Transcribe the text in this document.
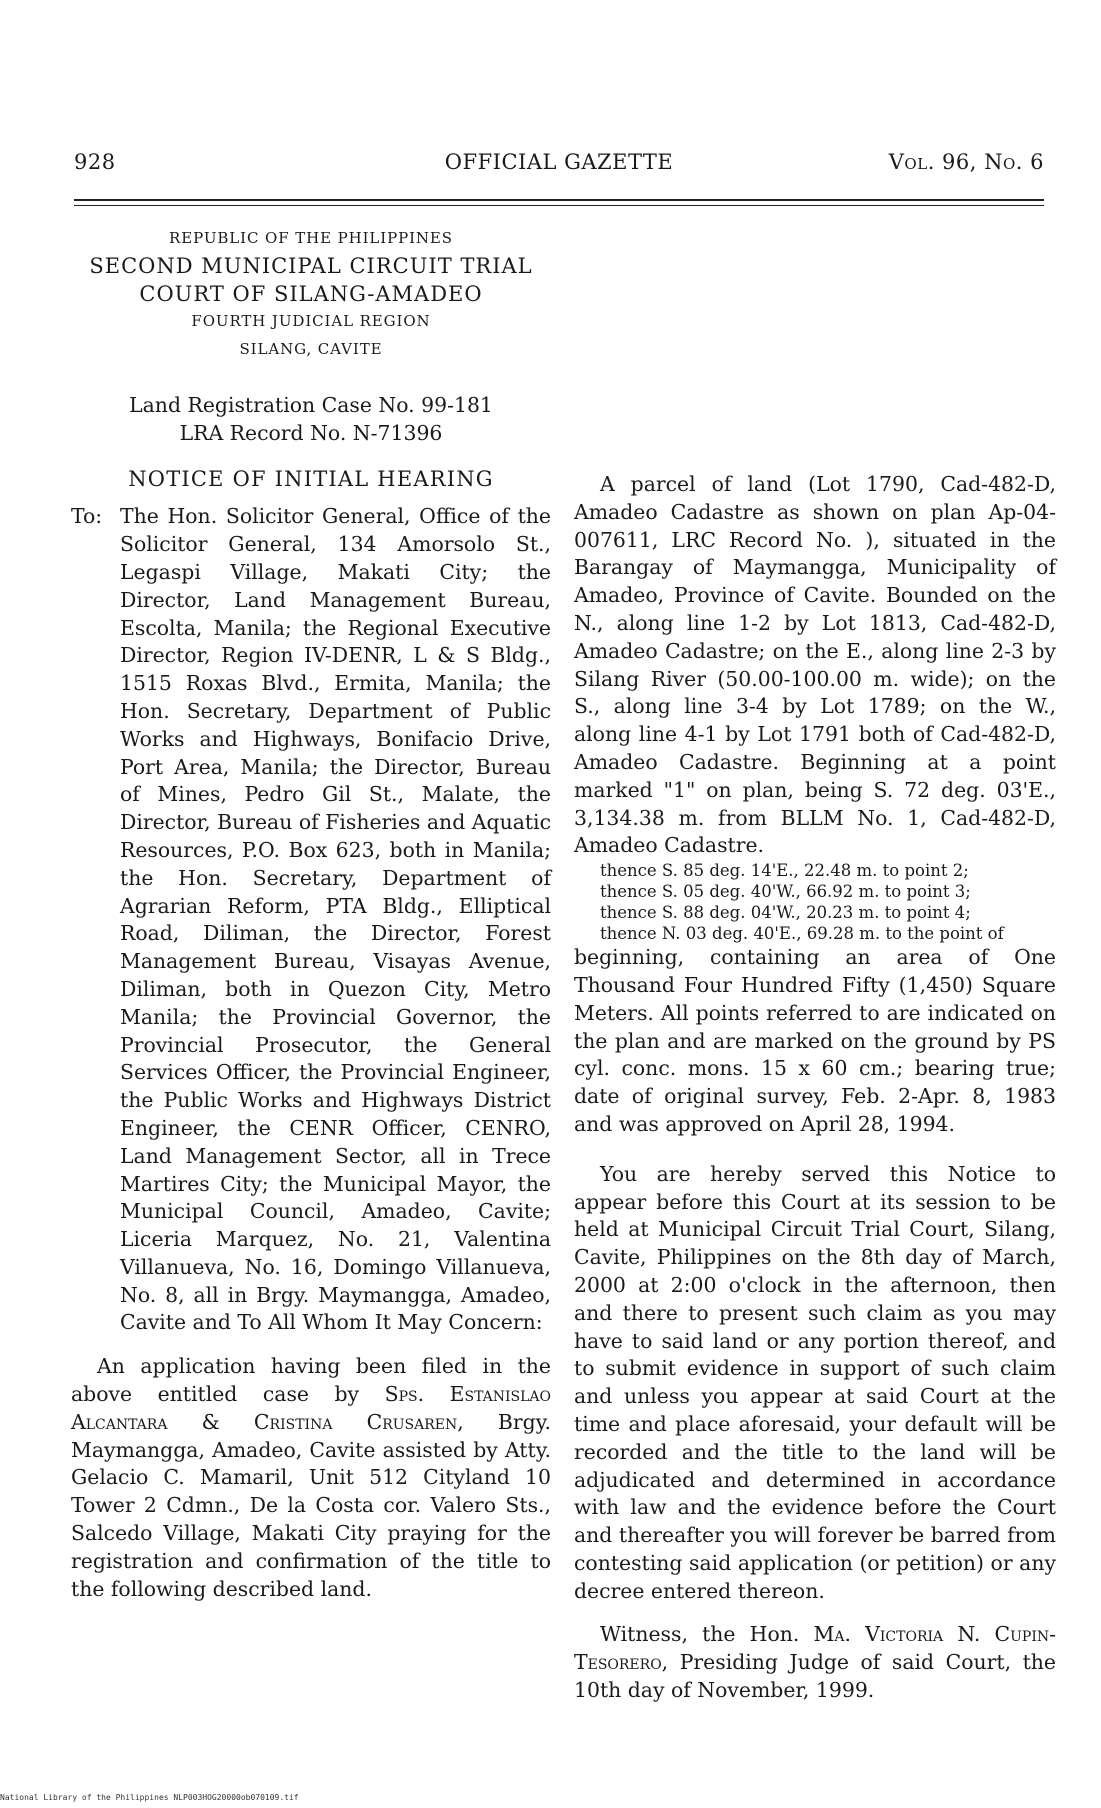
928	OFFICIAL GAZETTE	Vol. 96, No. 6

REPUBLIC OF THE PHILIPPINES

SECOND MUNICIPAL CIRCUIT TRIAL

COURT OF SILANG-AMADEO

FOURTH JUDICIAL REGION

SILANG, CAVITE

Land Registration Case No. 99-181

LRA Record No. N-71396

NOTICE OF INITIAL HEARING

To: The Hon. Solicitor General, Office of the Solicitor General, 134 Amorsolo St., Legaspi Village, Makati City; the Director, Land Management Bureau, Escolta, Manila; the Regional Executive Director, Region IV-DENR, L & S Bldg., 1515 Roxas Blvd., Ermita, Manila; the Hon. Secretary, Department of Public Works and Highways, Bonifacio Drive, Port Area, Manila; the Director, Bureau of Mines, Pedro Gil St., Malate, the Director, Bureau of Fisheries and Aquatic Resources, P.O. Box 623, both in Manila; the Hon. Secretary, Department of Agrarian Reform, PTA Bldg., Elliptical Road, Diliman, the Director, Forest Management Bureau, Visayas Avenue, Diliman, both in Quezon City, Metro Manila; the Provincial Governor, the Provincial Prosecutor, the General Services Officer, the Provincial Engineer, the Public Works and Highways District Engineer, the CENR Officer, CENRO, Land Management Sector, all in Trece Martires City; the Municipal Mayor, the Municipal Council, Amadeo, Cavite; Liceria Marquez, No. 21, Valentina Villanueva, No. 16, Domingo Villanueva, No. 8, all in Brgy. Maymangga, Amadeo, Cavite and To All Whom It May Concern:

An application having been filed in the above entitled case by Sps. Estanislao Alcantara & Cristina Crusaren, Brgy. Maymangga, Amadeo, Cavite assisted by Atty. Gelacio C. Mamaril, Unit 512 Cityland 10 Tower 2 Cdmn., De la Costa cor. Valero Sts., Salcedo Village, Makati City praying for the registration and confirmation of the title to the following described land.

A parcel of land (Lot 1790, Cad-482-D, Amadeo Cadastre as shown on plan Ap-04-007611, LRC Record No. ), situated in the Barangay of Maymangga, Municipality of Amadeo, Province of Cavite. Bounded on the N., along line 1-2 by Lot 1813, Cad-482-D, Amadeo Cadastre; on the E., along line 2-3 by Silang River (50.00-100.00 m. wide); on the S., along line 3-4 by Lot 1789; on the W., along line 4-1 by Lot 1791 both of Cad-482-D, Amadeo Cadastre. Beginning at a point marked "1" on plan, being S. 72 deg. 03'E., 3,134.38 m. from BLLM No. 1, Cad-482-D, Amadeo Cadastre.

thence S. 85 deg. 14'E., 22.48 m. to point 2;

thence S. 05 deg. 40'W., 66.92 m. to point 3;

thence S. 88 deg. 04'W., 20.23 m. to point 4;

thence N. 03 deg. 40'E., 69.28 m. to the point of

beginning, containing an area of One Thousand Four Hundred Fifty (1,450) Square Meters. All points referred to are indicated on the plan and are marked on the ground by PS cyl. conc. mons. 15 x 60 cm.; bearing true; date of original survey, Feb. 2-Apr. 8, 1983 and was approved on April 28, 1994.

You are hereby served this Notice to appear before this Court at its session to be held at Municipal Circuit Trial Court, Silang, Cavite, Philippines on the 8th day of March, 2000 at 2:00 o'clock in the afternoon, then and there to present such claim as you may have to said land or any portion thereof, and to submit evidence in support of such claim and unless you appear at said Court at the time and place aforesaid, your default will be recorded and the title to the land will be adjudicated and determined in accordance with law and the evidence before the Court and thereafter you will forever be barred from contesting said application (or petition) or any decree entered thereon.

Witness, the Hon. Ma. Victoria N. Cupin-Tesorero, Presiding Judge of said Court, the 10th day of November, 1999.

National Library of the Philippines NLP003HOG20000ob070109.tif
